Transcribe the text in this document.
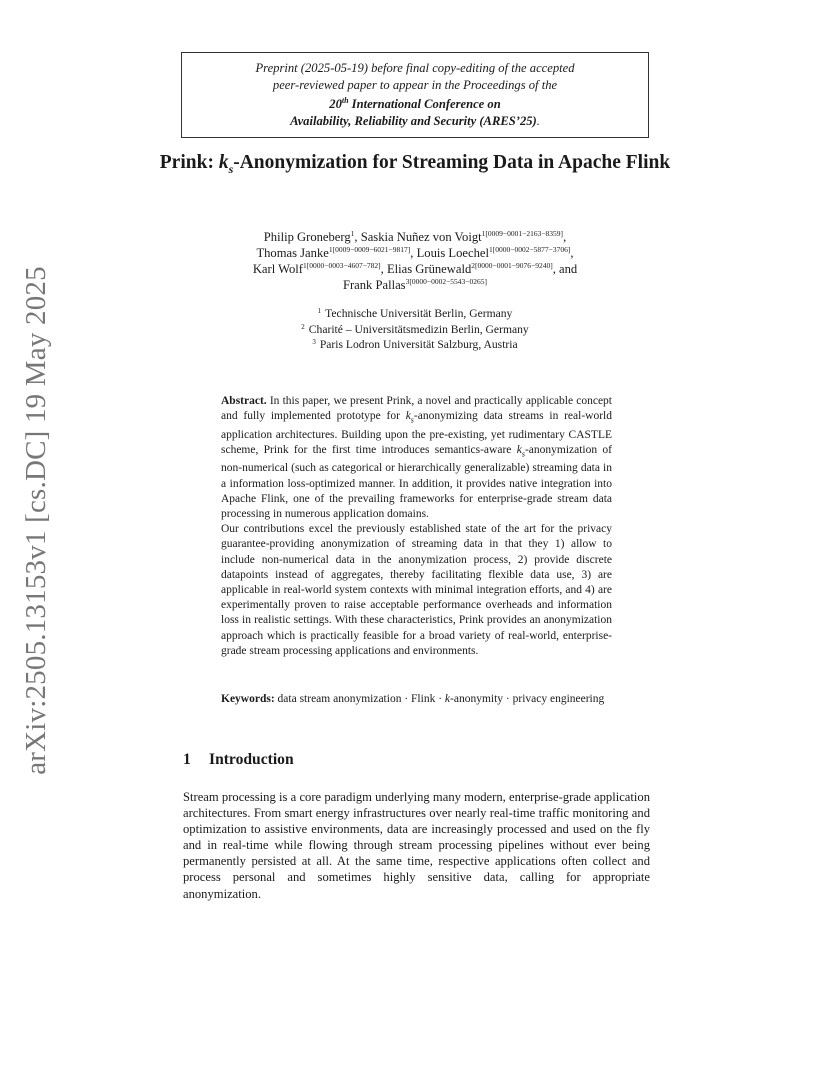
arXiv:2505.13153v1 [cs.DC] 19 May 2025
Preprint (2025-05-19) before final copy-editing of the accepted
peer-reviewed paper to appear in the Proceedings of the
20th International Conference on
Availability, Reliability and Security (ARES’25).
Prink: $k_s$-Anonymization for Streaming Data in Apache Flink
Philip Groneberg$^1$, Saskia Nuñez von Voigt$^{1[0009-0001-2163-8359]}$,
Thomas Janke$^{1[0009-0009-6021-9817]}$, Louis Loechel$^{1[0000-0002-5877-3706]}$,
Karl Wolf$^{1[0000-0003-4607-782]}$, Elias Grünewald$^{2[0000-0001-9076-9240]}$, and
Frank Pallas$^{3[0000-0002-5543-0265]}$
$^1$ Technische Universität Berlin, Germany
$^2$ Charité – Universitätsmedizin Berlin, Germany
$^3$ Paris Lodron Universität Salzburg, Austria

Abstract. In this paper, we present Prink, a novel and practically applicable concept and fully implemented prototype for $k_s$-anonymizing data streams in real-world application architectures. Building upon the pre-existing, yet rudimentary CASTLE scheme, Prink for the first time introduces semantics-aware $k_s$-anonymization of non-numerical (such as categorical or hierarchically generalizable) streaming data in a information loss-optimized manner. In addition, it provides native integration into Apache Flink, one of the prevailing frameworks for enterprise-grade stream data processing in numerous application domains.

Our contributions excel the previously established state of the art for the privacy guarantee-providing anonymization of streaming data in that they 1) allow to include non-numerical data in the anonymization process, 2) provide discrete datapoints instead of aggregates, thereby facilitating flexible data use, 3) are applicable in real-world system contexts with minimal integration efforts, and 4) are experimentally proven to raise acceptable performance overheads and information loss in realistic settings. With these characteristics, Prink provides an anonymization approach which is practically feasible for a broad variety of real-world, enterprise-grade stream processing applications and environments.

Keywords: data stream anonymization · Flink · k-anonymity · privacy engineering
1 Introduction

Stream processing is a core paradigm underlying many modern, enterprise-grade application architectures. From smart energy infrastructures over nearly real-time traffic monitoring and optimization to assistive environments, data are increasingly processed and used on the fly and in real-time while flowing through stream processing pipelines without ever being permanently persisted at all. At the same time, respective applications often collect and process personal and sometimes highly sensitive data, calling for appropriate anonymization.
